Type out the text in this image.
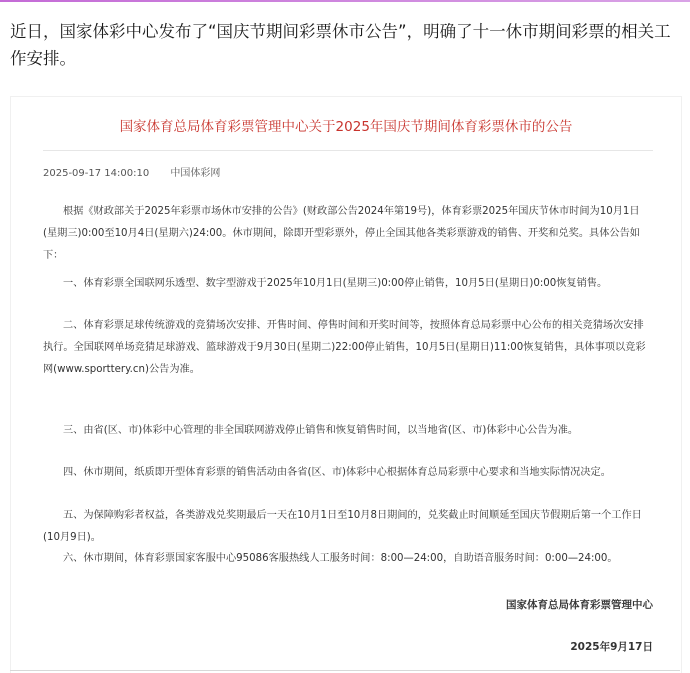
近日，国家体彩中心发布了“国庆节期间彩票休市公告”，明确了十一休市期间彩票的相关工作安排。
国家体育总局体育彩票管理中心关于2025年国庆节期间体育彩票休市的公告
2025-09-17 14:00:10 中国体彩网
根据《财政部关于2025年彩票市场休市安排的公告》(财政部公告2024年第19号)，体育彩票2025年国庆节休市时间为10月1日(星期三)0:00至10月4日(星期六)24:00。休市期间，除即开型彩票外，停止全国其他各类彩票游戏的销售、开奖和兑奖。具体公告如下：
一、体育彩票全国联网乐透型、数字型游戏于2025年10月1日(星期三)0:00停止销售，10月5日(星期日)0:00恢复销售。
二、体育彩票足球传统游戏的竞猜场次安排、开售时间、停售时间和开奖时间等，按照体育总局彩票中心公布的相关竞猜场次安排执行。全国联网单场竞猜足球游戏、篮球游戏于9月30日(星期二)22:00停止销售，10月5日(星期日)11:00恢复销售，具体事项以竞彩网(www.sporttery.cn)公告为准。
三、由省(区、市)体彩中心管理的非全国联网游戏停止销售和恢复销售时间，以当地省(区、市)体彩中心公告为准。
四、休市期间，纸质即开型体育彩票的销售活动由各省(区、市)体彩中心根据体育总局彩票中心要求和当地实际情况决定。
五、为保障购彩者权益，各类游戏兑奖期最后一天在10月1日至10月8日期间的，兑奖截止时间顺延至国庆节假期后第一个工作日(10月9日)。
六、休市期间，体育彩票国家客服中心95086客服热线人工服务时间：8:00—24:00，自助语音服务时间：0:00—24:00。
国家体育总局体育彩票管理中心
2025年9月17日
